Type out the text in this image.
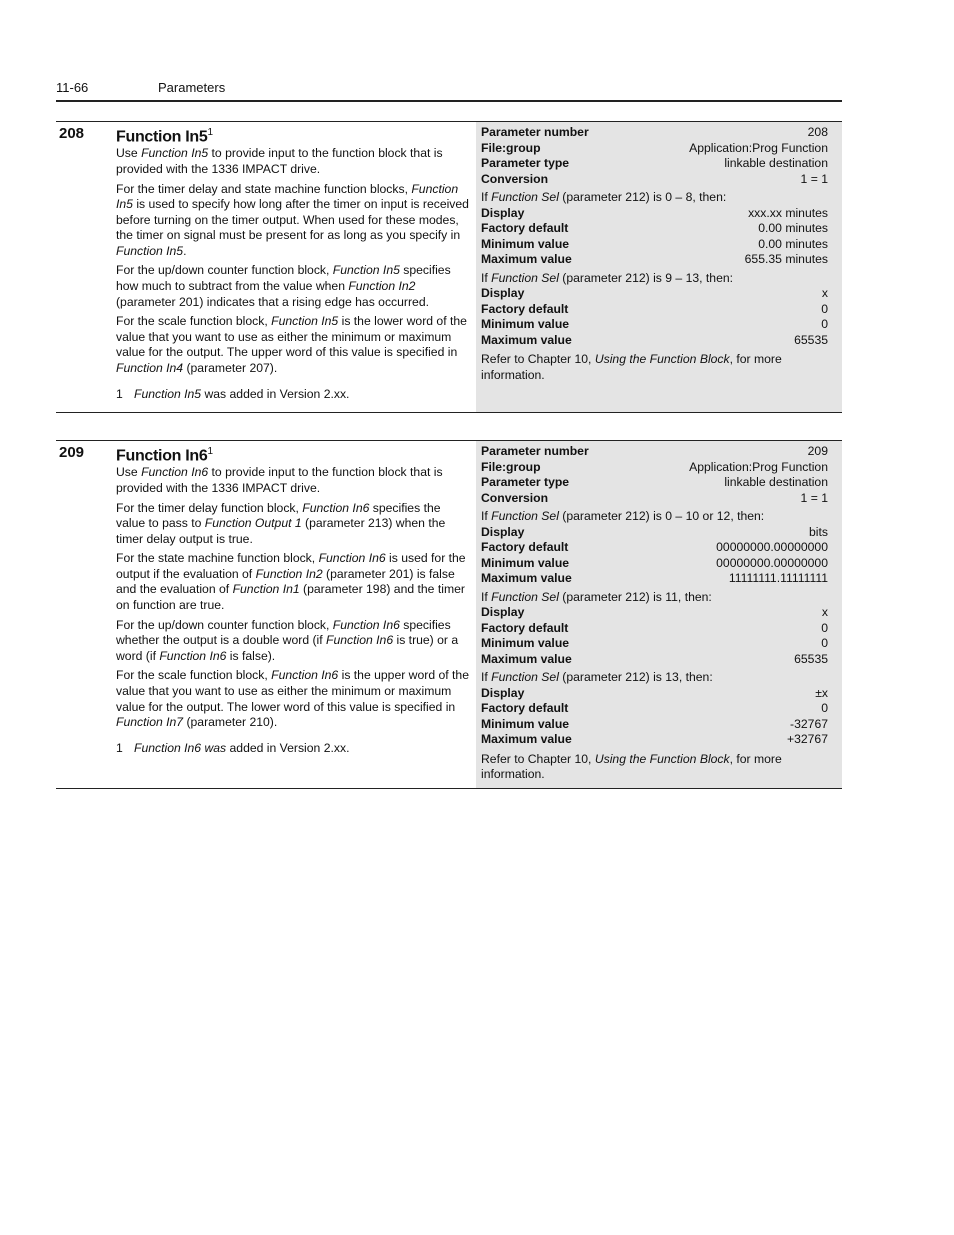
11-66	Parameters
208 Function $In5^1$

Use Function In5 to provide input to the function block that is provided with the 1336 IMPACT drive.

For the timer delay and state machine function blocks, Function In5 is used to specify how long after the timer on input is received before turning on the timer output. When used for these modes, the timer on signal must be present for as long as you specify in Function In5.

For the up/down counter function block, Function In5 specifies how much to subtract from the value when Function In2 (parameter 201) indicates that a rising edge has occurred.

For the scale function block, Function In5 is the lower word of the value that you want to use as either the minimum or maximum value for the output. The upper word of this value is specified in Function In4 (parameter 207).

1 Function In5 was added in Version 2.xx.
Parameter number	208
File:group	Application:Prog Function
Parameter type	linkable destination
Conversion	1 = 1
If Function Sel (parameter 212) is 0 – 8, then:
Display	xxx.xx minutes
Factory default	0.00 minutes
Minimum value	0.00 minutes
Maximum value	655.35 minutes
If Function Sel (parameter 212) is 9 – 13, then:
Display	x
Factory default	0
Minimum value	0
Maximum value	65535
Refer to Chapter 10, Using the Function Block, for more information.
209 Function $In6^1$

Use Function In6 to provide input to the function block that is provided with the 1336 IMPACT drive.

For the timer delay function block, Function In6 specifies the value to pass to Function Output 1 (parameter 213) when the timer delay output is true.

For the state machine function block, Function In6 is used for the output if the evaluation of Function In2 (parameter 201) is false and the evaluation of Function In1 (parameter 198) and the timer on function are true.

For the up/down counter function block, Function In6 specifies whether the output is a double word (if Function In6 is true) or a word (if Function In6 is false).

For the scale function block, Function In6 is the upper word of the value that you want to use as either the minimum or maximum value for the output. The lower word of this value is specified in Function In7 (parameter 210).

1 Function In6 was added in Version 2.xx.
Parameter number	209
File:group	Application:Prog Function
Parameter type	linkable destination
Conversion	1 = 1
If Function Sel (parameter 212) is 0 – 10 or 12, then:
Display	bits
Factory default	00000000.00000000
Minimum value	00000000.00000000
Maximum value	11111111.11111111
If Function Sel (parameter 212) is 11, then:
Display	x
Factory default	0
Minimum value	0
Maximum value	65535
If Function Sel (parameter 212) is 13, then:
Display	±x
Factory default	0
Minimum value	-32767
Maximum value	+32767
Refer to Chapter 10, Using the Function Block, for more information.
